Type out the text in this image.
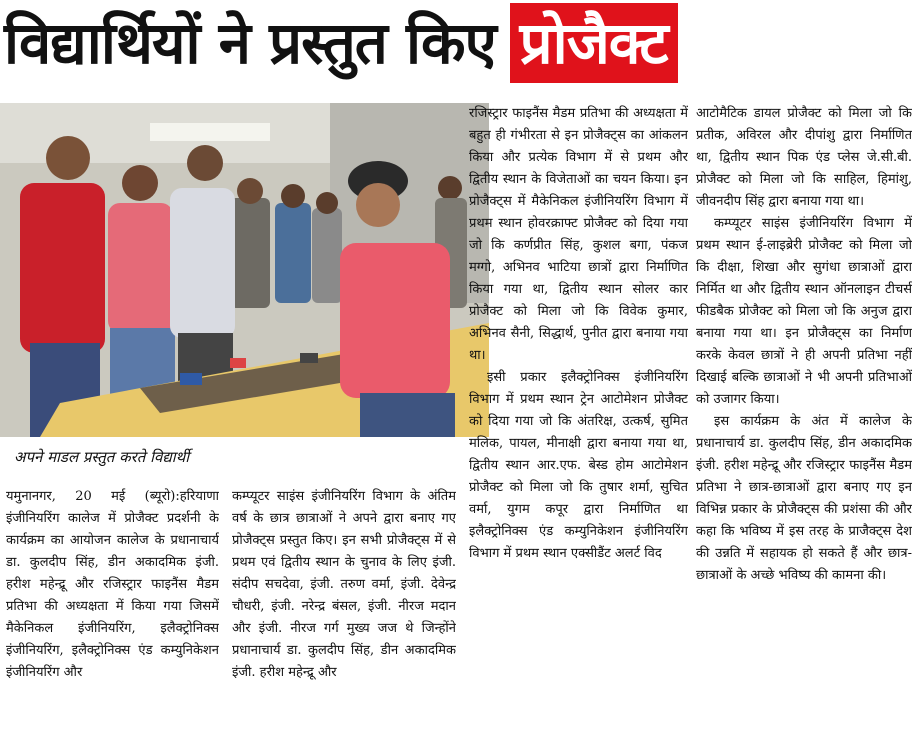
विद्यार्थियों ने प्रस्तुत किए प्रोजैक्ट
अपने माडल प्रस्तुत करते विद्यार्थी

यमुनानगर, 20 मई (ब्यूरो):हरियाणा इंजीनियरिंग कालेज में प्रोजैक्ट प्रदर्शनी के कार्यक्रम का आयोजन कालेज के प्रधानाचार्य डा. कुलदीप सिंह, डीन अकादमिक इंजी. हरीश महेन्द्रू और रजिस्ट्रार फाइनैंस मैडम प्रतिभा की अध्यक्षता में किया गया जिसमें मैकेनिकल इंजीनियरिंग, इलैक्ट्रोनिक्स इंजीनियरिंग, इलैक्ट्रोनिक्स एंड कम्युनिकेशन इंजीनियरिंग और

कम्प्यूटर साइंस इंजीनियरिंग विभाग के अंतिम वर्ष के छात्र छात्राओं ने अपने द्वारा बनाए गए प्रोजैक्ट्स प्रस्तुत किए। इन सभी प्रोजैक्ट्स में से प्रथम एवं द्वितीय स्थान के चुनाव के लिए इंजी. संदीप सचदेवा, इंजी. तरुण वर्मा, इंजी. देवेन्द्र चौधरी, इंजी. नरेन्द्र बंसल, इंजी. नीरज मदान और इंजी. नीरज गर्ग मुख्य जज थे जिन्होंने प्रधानाचार्य डा. कुलदीप सिंह, डीन अकादमिक इंजी. हरीश महेन्द्रू और

रजिस्ट्रार फाइनैंस मैडम प्रतिभा की अध्यक्षता में बहुत ही गंभीरता से इन प्रोजैक्ट्स का आंकलन किया और प्रत्येक विभाग में से प्रथम और द्वितीय स्थान के विजेताओं का चयन किया। इन प्रोजैक्ट्स में मैकेनिकल इंजीनियरिंग विभाग में प्रथम स्थान होवरक्राफ्ट प्रोजैक्ट को दिया गया जो कि कर्णप्रीत सिंह, कुशल बगा, पंकज मग्गो, अभिनव भाटिया छात्रों द्वारा निर्माणित किया गया था, द्वितीय स्थान सोलर कार प्रोजैक्ट को मिला जो कि विवेक कुमार, अभिनव सैनी, सिद्धार्थ, पुनीत द्वारा बनाया गया था।

इसी प्रकार इलैक्ट्रोनिक्स इंजीनियरिंग विभाग में प्रथम स्थान ट्रेन आटोमेशन प्रोजैक्ट को दिया गया जो कि अंतरिक्ष, उत्कर्ष, सुमित मलिक, पायल, मीनाक्षी द्वारा बनाया गया था, द्वितीय स्थान आर.एफ. बेस्ड होम आटोमेशन प्रोजैक्ट को मिला जो कि तुषार शर्मा, सुचित वर्मा, युगम कपूर द्वारा निर्माणित था इलैक्ट्रोनिक्स एंड कम्युनिकेशन इंजीनियरिंग विभाग में प्रथम स्थान एक्सीडैंट अलर्ट विद

आटोमैटिक डायल प्रोजैक्ट को मिला जो कि प्रतीक, अविरल और दीपांशु द्वारा निर्माणित था, द्वितीय स्थान पिक एंड प्लेस जे.सी.बी. प्रोजैक्ट को मिला जो कि साहिल, हिमांशु, जीवनदीप सिंह द्वारा बनाया गया था।

कम्प्यूटर साइंस इंजीनियरिंग विभाग में प्रथम स्थान ई-लाइब्रेरी प्रोजैक्ट को मिला जो कि दीक्षा, शिखा और सुगंधा छात्राओं द्वारा निर्मित था और द्वितीय स्थान ऑनलाइन टीचर्स फीडबैक प्रोजैक्ट को मिला जो कि अनुज द्वारा बनाया गया था। इन प्रोजैक्ट्स का निर्माण करके केवल छात्रों ने ही अपनी प्रतिभा नहीं दिखाई बल्कि छात्राओं ने भी अपनी प्रतिभाओं को उजागर किया।

इस कार्यक्रम के अंत में कालेज के प्रधानाचार्य डा. कुलदीप सिंह, डीन अकादमिक इंजी. हरीश महेन्द्रू और रजिस्ट्रार फाइनैंस मैडम प्रतिभा ने छात्र-छात्राओं द्वारा बनाए गए इन विभिन्न प्रकार के प्रोजैक्ट्स की प्रशंसा की और कहा कि भविष्य में इस तरह के प्राजैक्ट्स देश की उन्नति में सहायक हो सकते हैं और छात्र-छात्राओं के अच्छे भविष्य की कामना की।
